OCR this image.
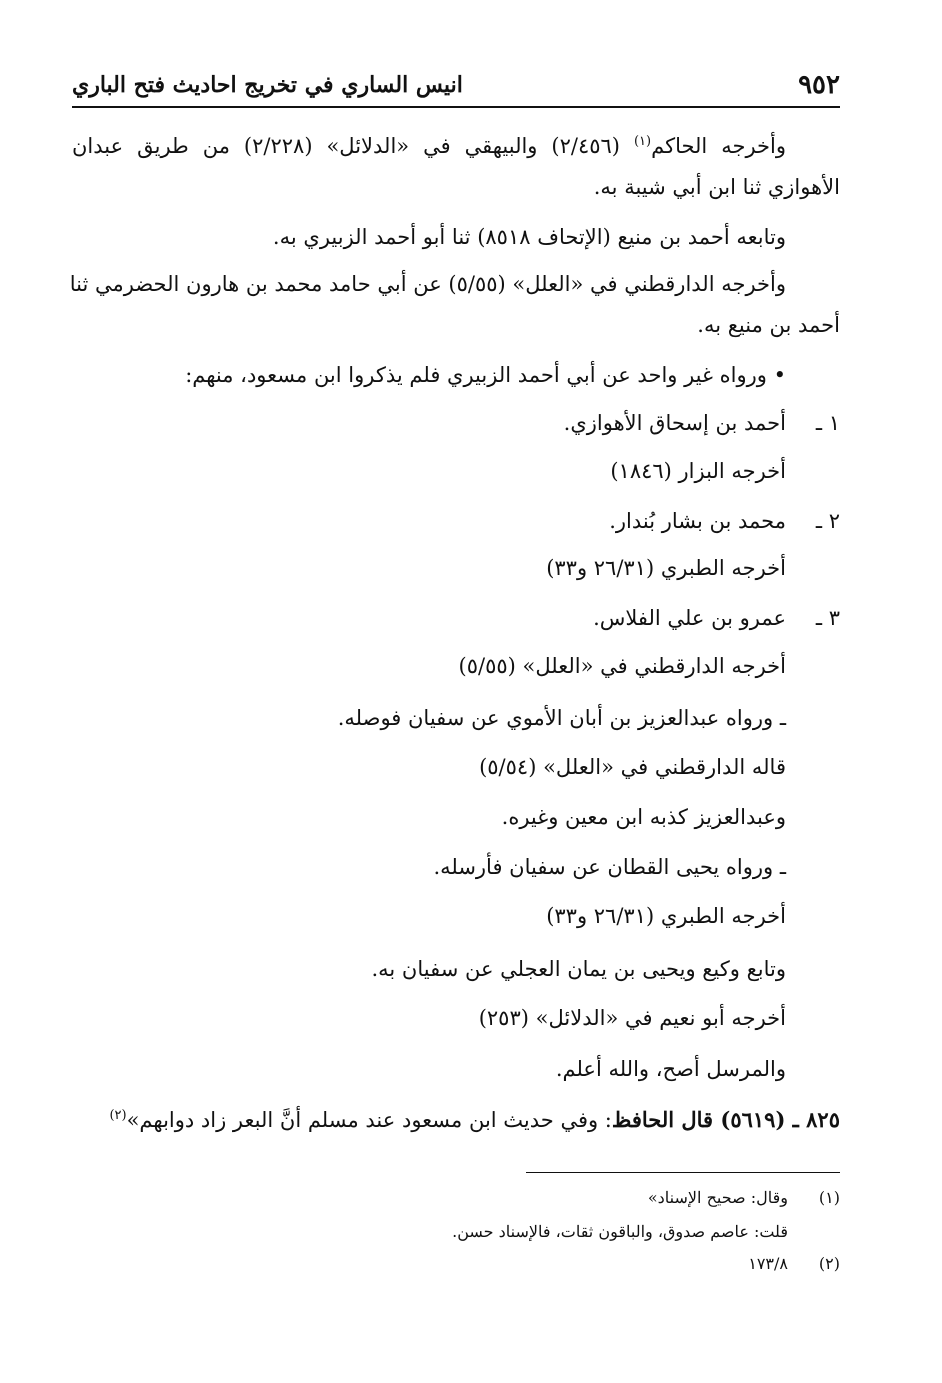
٩٥٢
انيس الساري في تخريج احاديث فتح الباري
وأخرجه الحاكم$^{(١)}$ (٢/٤٥٦) والبيهقي في «الدلائل» (٢/٢٢٨) من طريق عبدان
الأهوازي ثنا ابن أبي شيبة به.
وتابعه أحمد بن منيع (الإتحاف ٨٥١٨) ثنا أبو أحمد الزبيري به.
وأخرجه الدارقطني في «العلل» (٥/٥٥) عن أبي حامد محمد بن هارون الحضرمي ثنا
أحمد بن منيع به.
• ورواه غير واحد عن أبي أحمد الزبيري فلم يذكروا ابن مسعود، منهم:
١ ـ
أحمد بن إسحاق الأهوازي.
أخرجه البزار (١٨٤٦)
٢ ـ
محمد بن بشار بُندار.
أخرجه الطبري (٢٦/٣١ و٣٣)
٣ ـ
عمرو بن علي الفلاس.
أخرجه الدارقطني في «العلل» (٥/٥٥)
ـ ورواه عبدالعزيز بن أبان الأموي عن سفيان فوصله.
قاله الدارقطني في «العلل» (٥/٥٤)
وعبدالعزيز كذبه ابن معين وغيره.
ـ ورواه يحيى القطان عن سفيان فأرسله.
أخرجه الطبري (٢٦/٣١ و٣٣)
وتابع وكيع ويحيى بن يمان العجلي عن سفيان به.
أخرجه أبو نعيم في «الدلائل» (٢٥٣)
والمرسل أصح، والله أعلم.
٨٢٥ ـ (٥٦١٩) قال الحافظ: وفي حديث ابن مسعود عند مسلم أنَّ البعر زاد دوابهم»$^{(٢)}$
(١)وقال: صحيح الإسناد»
قلت: عاصم صدوق، والباقون ثقات، فالإسناد حسن.
(٢)١٧٣/٨
